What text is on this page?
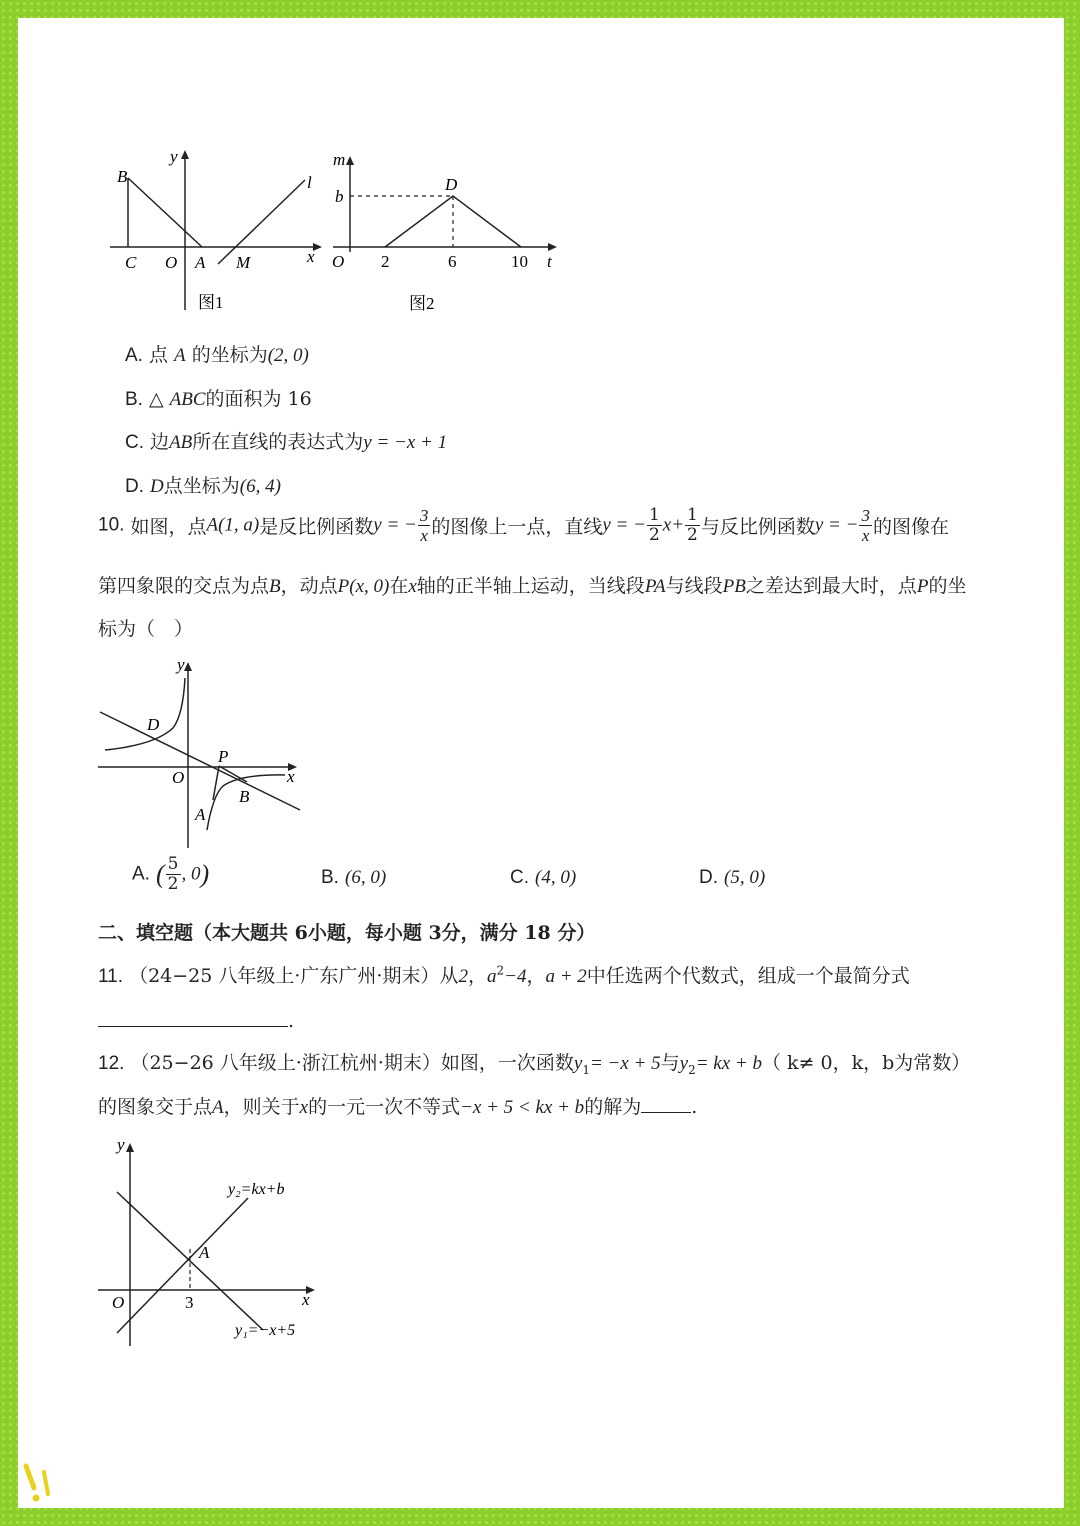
B
C O A M	x
y
l
图1
m
b
D
O 2	6	10 t
图2
A. 点 A 的坐标为(2, 0)
B. △ ABC的面积为 16
C. 边AB所在直线的表达式为y = −x + 1
D. D点坐标为(6, 4)
10. 如图，点A(1, a)是反比例函数y = − $\frac{3}{x}$ 的图像上一点，直线y = − $\frac{1}{2} x+ \frac{1}{2}$ 与反比例函数y = − $\frac{3}{x}$ 的图像在
第四象限的交点为点B，动点P(x, 0)在x轴的正半轴上运动，当线段PA与线段PB之差达到最大时，点P的坐
标为（　）
y
x
D
P
O
B
A
A. ( $\frac{5}{2}$ , 0)	B. (6, 0)	C. (4, 0)	D. (5, 0)
二、填空题（本大题共 6小题，每小题 3分，满分 18 分）
11. （24−25 八年级上·广东广州·期末）从2，$a^2-4$，a + 2中任选两个代数式，组成一个最简分式
.
12. （25−26 八年级上·浙江杭州·期末）如图，一次函数$y_1= -x + 5$与$y_2=$ kx + b（ k≠ 0，k，b为常数）
的图象交于点A，则关于x的一元一次不等式−x + 5 < kx + b的解为	.
y
x
O	3
A
y₂=kx+b
y₁=−x+5
